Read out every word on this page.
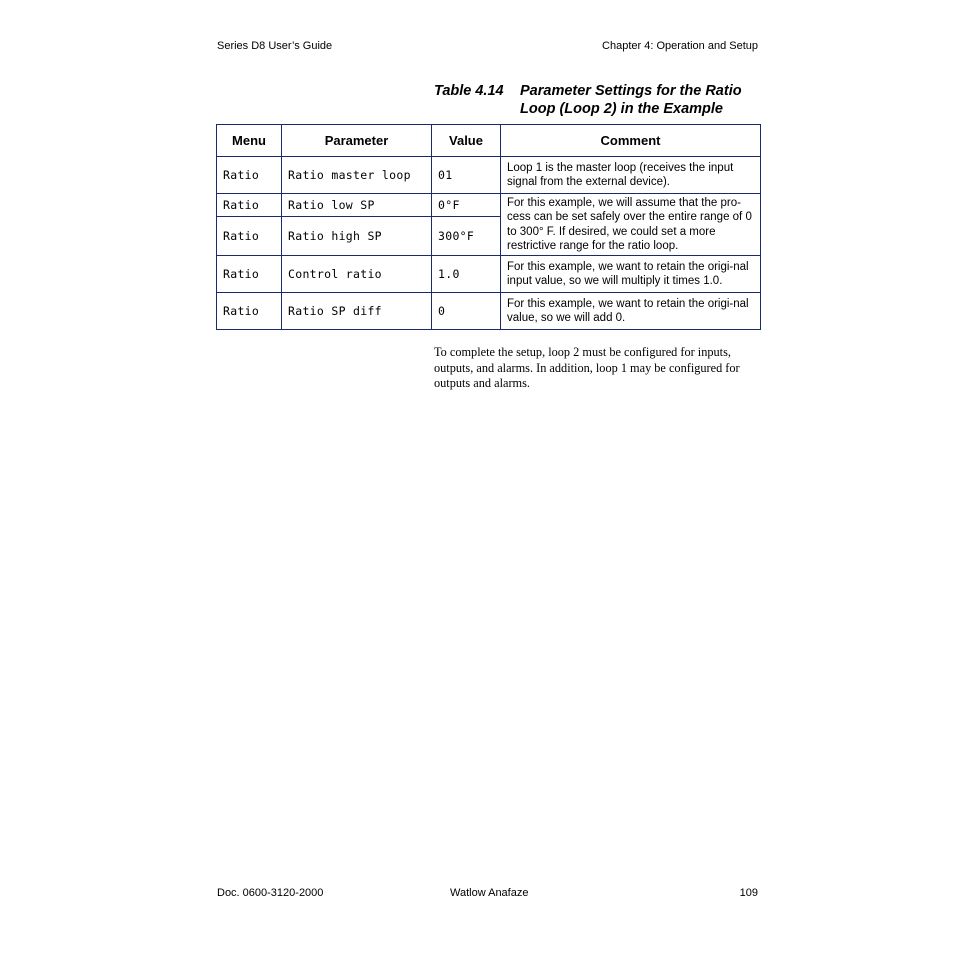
Series D8 User’s Guide	Chapter 4: Operation and Setup
Table 4.14	Parameter Settings for the Ratio Loop (Loop 2) in the Example
Menu	Parameter	Value	Comment
Ratio	Ratio master loop	01	Loop 1 is the master loop (receives the input signal from the external device).
Ratio	Ratio low SP	0°F	For this example, we will assume that the pro-cess can be set safely over the entire range of 0 to 300° F. If desired, we could set a more restrictive range for the ratio loop.
Ratio	Ratio high SP	300°F	
Ratio	Control ratio	1.0	For this example, we want to retain the origi-nal input value, so we will multiply it times 1.0.
Ratio	Ratio SP diff	0	For this example, we want to retain the origi-nal value, so we will add 0.

To complete the setup, loop 2 must be configured for inputs, outputs, and alarms. In addition, loop 1 may be configured for outputs and alarms.

Doc. 0600-3120-2000	Watlow Anafaze	109
